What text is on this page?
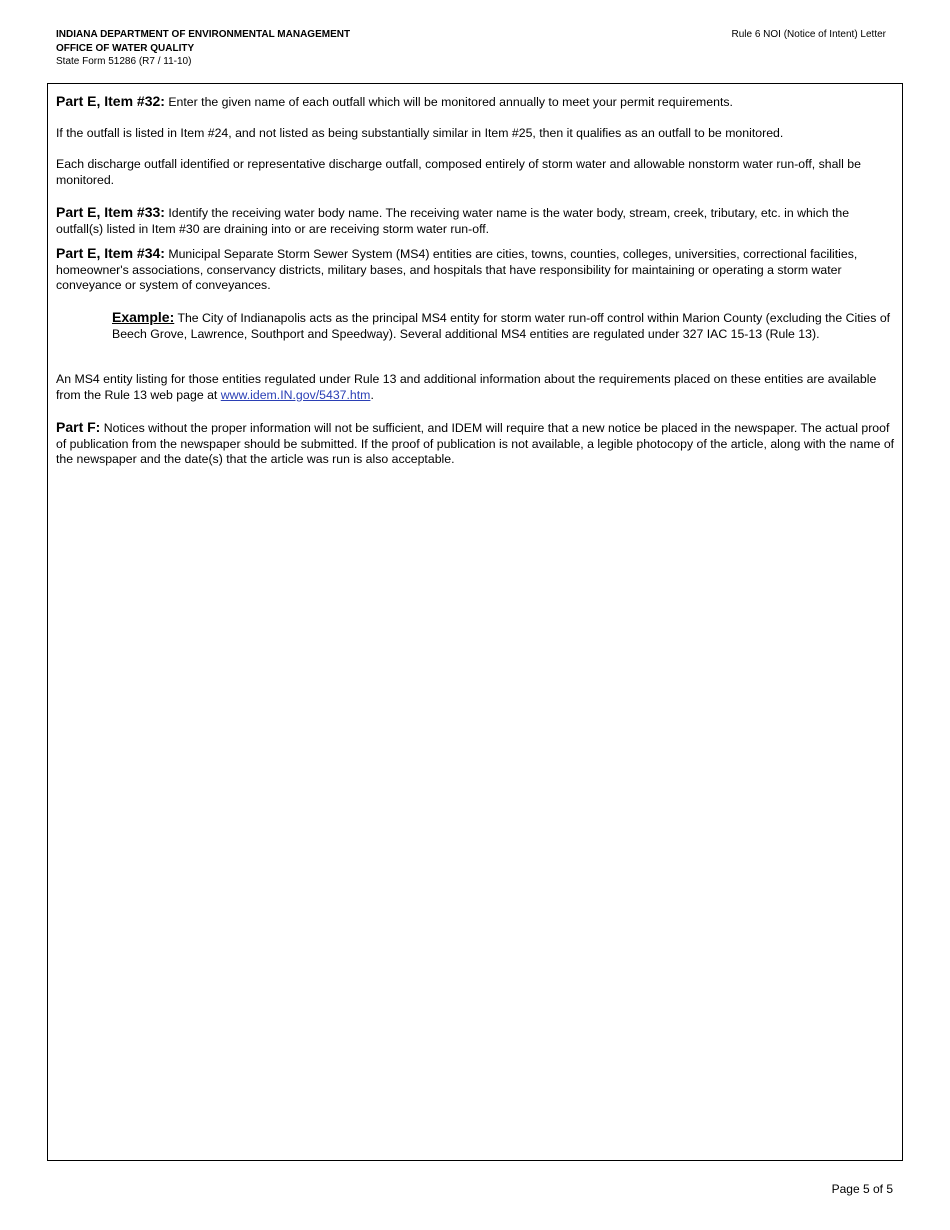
INDIANA DEPARTMENT OF ENVIRONMENTAL MANAGEMENT
OFFICE OF WATER QUALITY
State Form 51286 (R7 / 11-10)
Rule 6 NOI (Notice of Intent) Letter

Part E, Item #32: Enter the given name of each outfall which will be monitored annually to meet your permit requirements.

If the outfall is listed in Item #24, and not listed as being substantially similar in Item #25, then it qualifies as an outfall to be monitored.

Each discharge outfall identified or representative discharge outfall, composed entirely of storm water and allowable nonstorm water run-off, shall be monitored.

Part E, Item #33: Identify the receiving water body name. The receiving water name is the water body, stream, creek, tributary, etc. in which the outfall(s) listed in Item #30 are draining into or are receiving storm water run-off.

Part E, Item #34: Municipal Separate Storm Sewer System (MS4) entities are cities, towns, counties, colleges, universities, correctional facilities, homeowner's associations, conservancy districts, military bases, and hospitals that have responsibility for maintaining or operating a storm water conveyance or system of conveyances.

Example: The City of Indianapolis acts as the principal MS4 entity for storm water run-off control within Marion County (excluding the Cities of Beech Grove, Lawrence, Southport and Speedway). Several additional MS4 entities are regulated under 327 IAC 15-13 (Rule 13).

An MS4 entity listing for those entities regulated under Rule 13 and additional information about the requirements placed on these entities are available from the Rule 13 web page at www.idem.IN.gov/5437.htm.

Part F: Notices without the proper information will not be sufficient, and IDEM will require that a new notice be placed in the newspaper. The actual proof of publication from the newspaper should be submitted. If the proof of publication is not available, a legible photocopy of the article, along with the name of the newspaper and the date(s) that the article was run is also acceptable.

Page 5 of 5
